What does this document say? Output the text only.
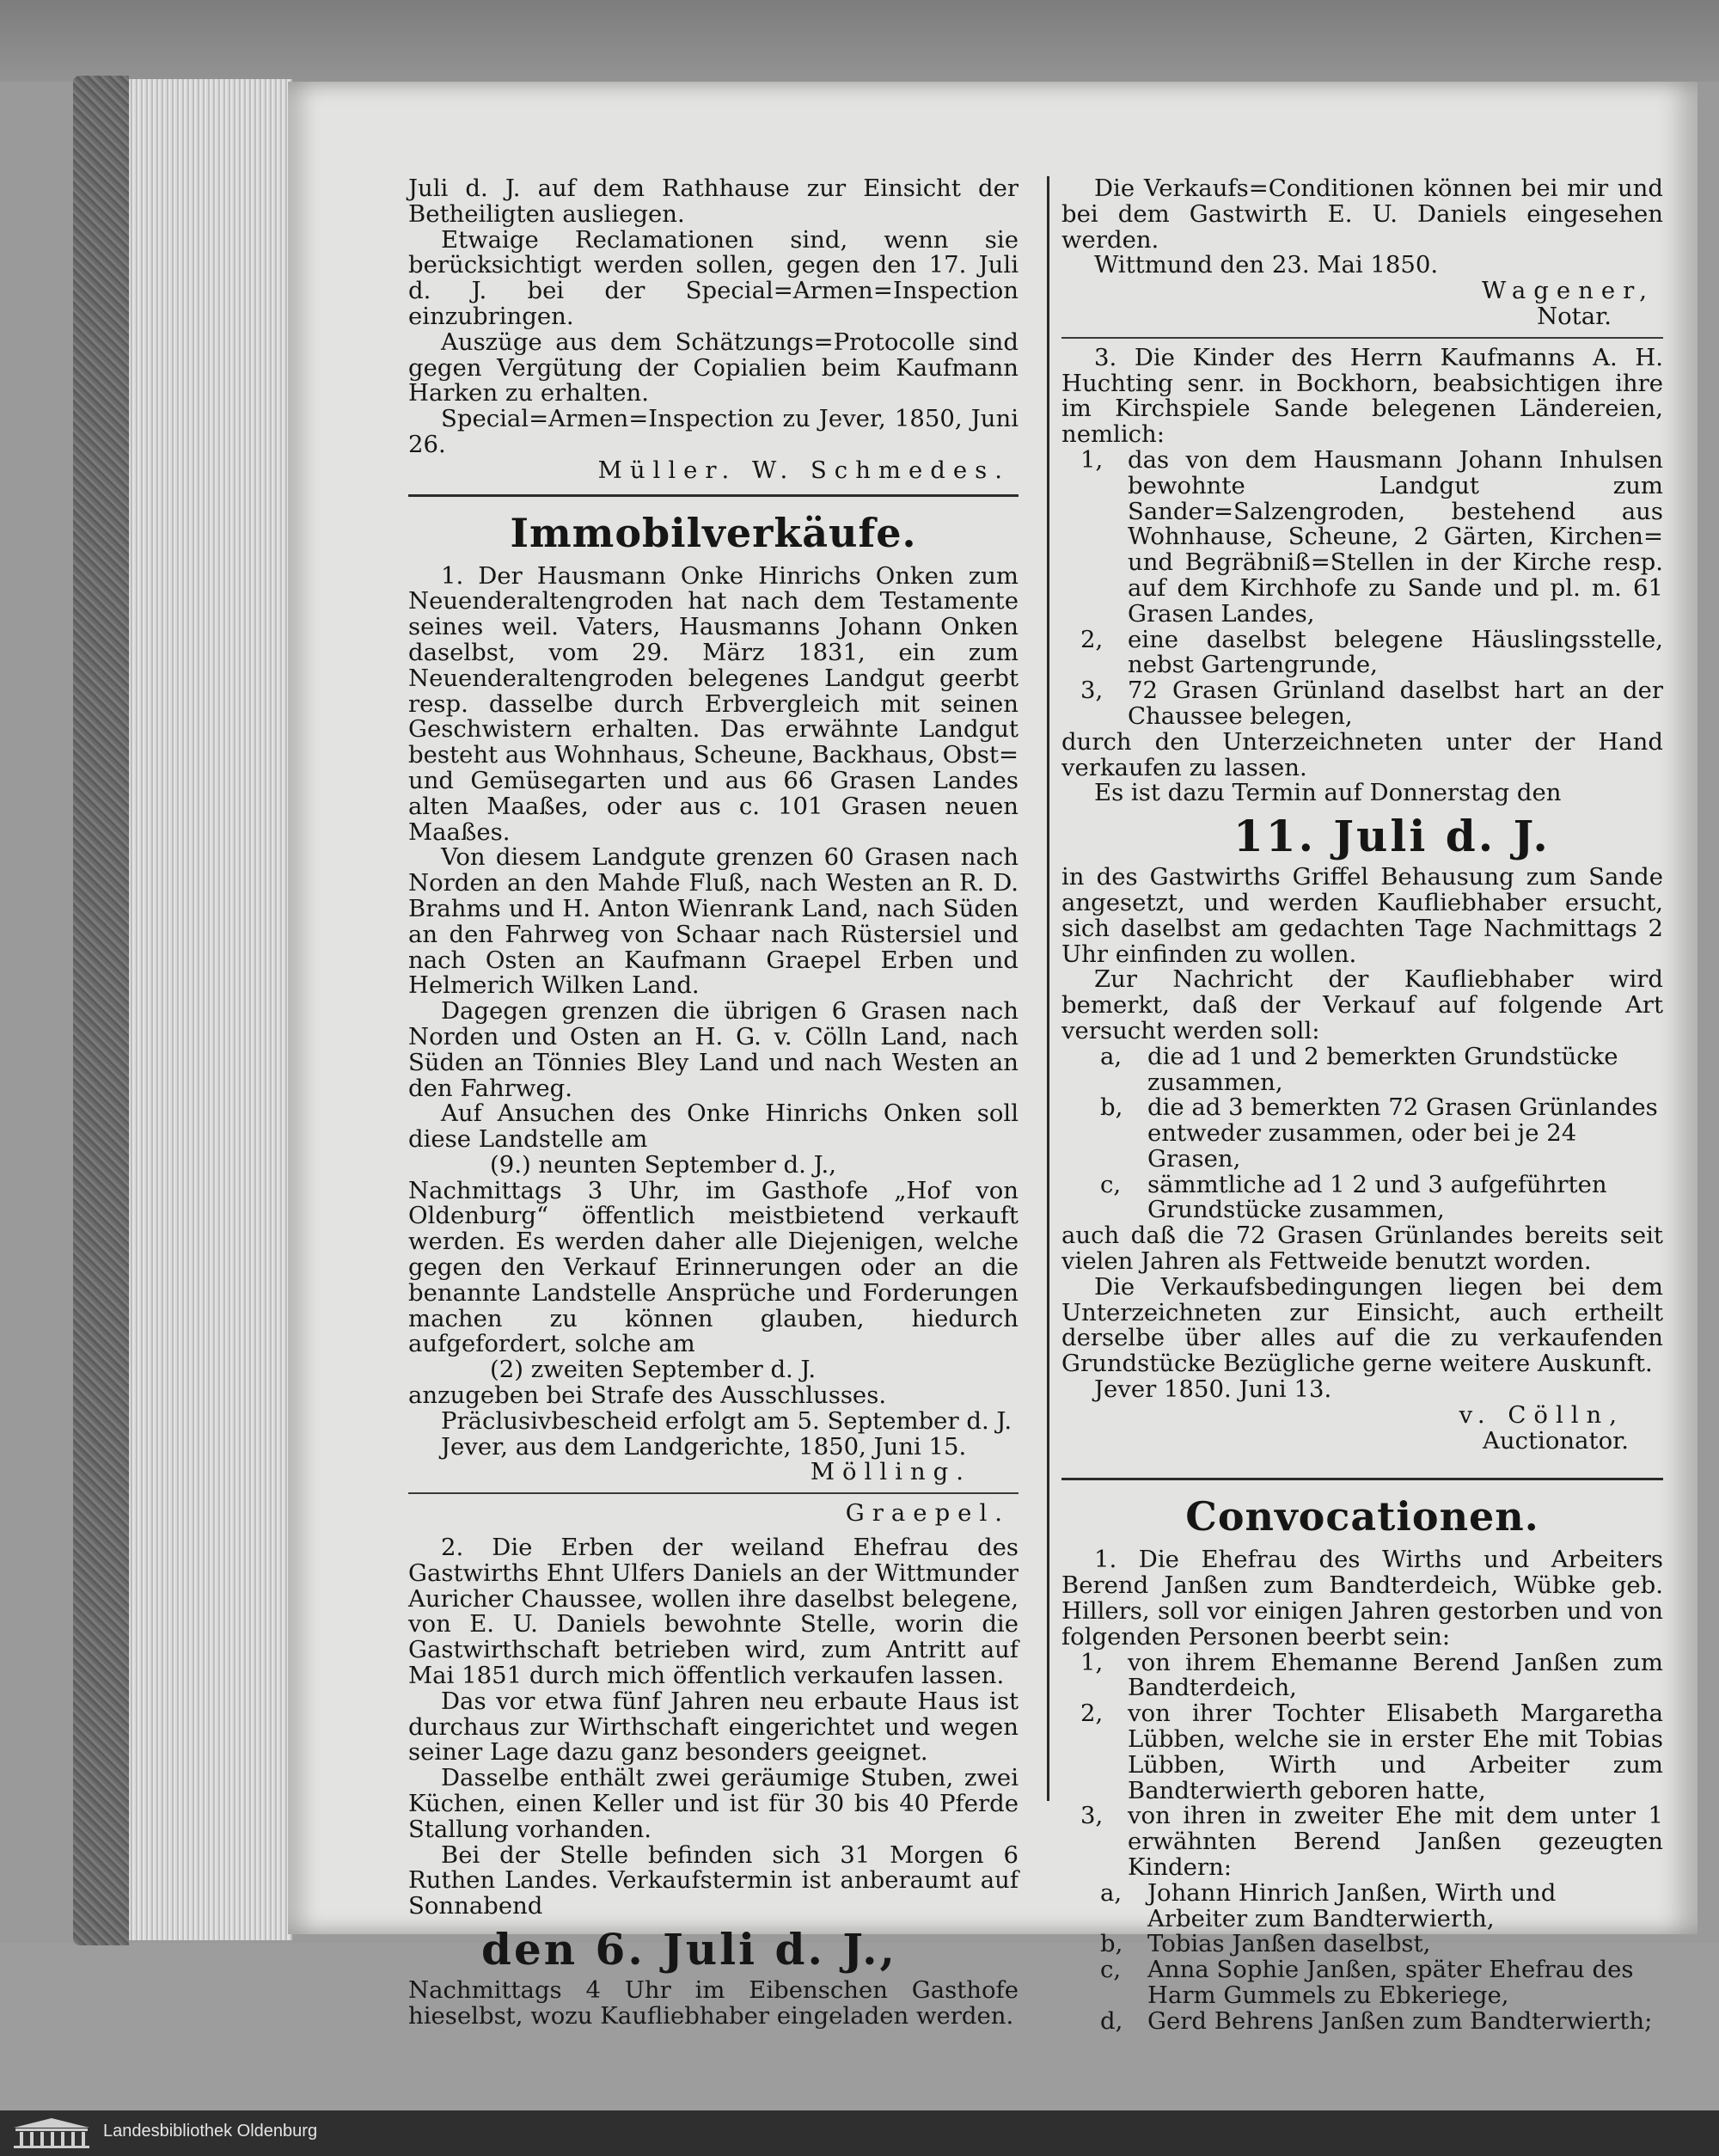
Juli d. J. auf dem Rathhause zur Einsicht der Betheiligten ausliegen.

Etwaige Reclamationen sind, wenn sie berücksichtigt werden sollen, gegen den 17. Juli d. J. bei der Special=Armen=Inspection einzubringen.

Auszüge aus dem Schätzungs=Protocolle sind gegen Vergütung der Copialien beim Kaufmann Harken zu erhalten.

Special=Armen=Inspection zu Jever, 1850, Juni 26.

Müller. W. Schmedes.

Immobilverkäufe.

1. Der Hausmann Onke Hinrichs Onken zum Neuenderaltengroden hat nach dem Testamente seines weil. Vaters, Hausmanns Johann Onken daselbst, vom 29. März 1831, ein zum Neuenderaltengroden belegenes Landgut geerbt resp. dasselbe durch Erbvergleich mit seinen Geschwistern erhalten. Das erwähnte Landgut besteht aus Wohnhaus, Scheune, Backhaus, Obst= und Gemüsegarten und aus 66 Grasen Landes alten Maaßes, oder aus c. 101 Grasen neuen Maaßes.

Von diesem Landgute grenzen 60 Grasen nach Norden an den Mahde Fluß, nach Westen an R. D. Brahms und H. Anton Wienrank Land, nach Süden an den Fahrweg von Schaar nach Rüstersiel und nach Osten an Kaufmann Graepel Erben und Helmerich Wilken Land.

Dagegen grenzen die übrigen 6 Grasen nach Norden und Osten an H. G. v. Cölln Land, nach Süden an Tönnies Bley Land und nach Westen an den Fahrweg.

Auf Ansuchen des Onke Hinrichs Onken soll diese Landstelle am

(9.) neunten September d. J.,

Nachmittags 3 Uhr, im Gasthofe „Hof von Oldenburg“ öffentlich meistbietend verkauft werden. Es werden daher alle Diejenigen, welche gegen den Verkauf Erinnerungen oder an die benannte Landstelle Ansprüche und Forderungen machen zu können glauben, hiedurch aufgefordert, solche am

(2) zweiten September d. J.

anzugeben bei Strafe des Ausschlusses.

Präclusivbescheid erfolgt am 5. September d. J.

Jever, aus dem Landgerichte, 1850, Juni 15.

Mölling.

Graepel.

2. Die Erben der weiland Ehefrau des Gastwirths Ehnt Ulfers Daniels an der Wittmunder Auricher Chaussee, wollen ihre daselbst belegene, von E. U. Daniels bewohnte Stelle, worin die Gastwirthschaft betrieben wird, zum Antritt auf Mai 1851 durch mich öffentlich verkaufen lassen.

Das vor etwa fünf Jahren neu erbaute Haus ist durchaus zur Wirthschaft eingerichtet und wegen seiner Lage dazu ganz besonders geeignet.

Dasselbe enthält zwei geräumige Stuben, zwei Küchen, einen Keller und ist für 30 bis 40 Pferde Stallung vorhanden.

Bei der Stelle befinden sich 31 Morgen 6 Ruthen Landes. Verkaufstermin ist anberaumt auf Sonnabend

den 6. Juli d. J.,

Nachmittags 4 Uhr im Eibenschen Gasthofe hieselbst, wozu Kaufliebhaber eingeladen werden.

Die Verkaufs=Conditionen können bei mir und bei dem Gastwirth E. U. Daniels eingesehen werden.

Wittmund den 23. Mai 1850.

Wagener,

Notar.

3. Die Kinder des Herrn Kaufmanns A. H. Huchting senr. in Bockhorn, beabsichtigen ihre im Kirchspiele Sande belegenen Ländereien, nemlich:

1,	das von dem Hausmann Johann Inhulsen bewohnte Landgut zum Sander=Salzengroden, bestehend aus Wohnhause, Scheune, 2 Gärten, Kirchen= und Begräbniß=Stellen in der Kirche resp. auf dem Kirchhofe zu Sande und pl. m. 61 Grasen Landes,
2,	eine daselbst belegene Häuslingsstelle, nebst Gartengrunde,
3,	72 Grasen Grünland daselbst hart an der Chaussee belegen,

durch den Unterzeichneten unter der Hand verkaufen zu lassen.

Es ist dazu Termin auf Donnerstag den

11. Juli d. J.

in des Gastwirths Griffel Behausung zum Sande angesetzt, und werden Kaufliebhaber ersucht, sich daselbst am gedachten Tage Nachmittags 2 Uhr einfinden zu wollen.

Zur Nachricht der Kaufliebhaber wird bemerkt, daß der Verkauf auf folgende Art versucht werden soll:

a,	die ad 1 und 2 bemerkten Grundstücke zusammen,
b,	die ad 3 bemerkten 72 Grasen Grünlandes entweder zusammen, oder bei je 24 Grasen,
c,	sämmtliche ad 1 2 und 3 aufgeführten Grundstücke zusammen,

auch daß die 72 Grasen Grünlandes bereits seit vielen Jahren als Fettweide benutzt worden.

Die Verkaufsbedingungen liegen bei dem Unterzeichneten zur Einsicht, auch ertheilt derselbe über alles auf die zu verkaufenden Grundstücke Bezügliche gerne weitere Auskunft.

Jever 1850. Juni 13.

v. Cölln,

Auctionator.

Convocationen.

1. Die Ehefrau des Wirths und Arbeiters Berend Janßen zum Bandterdeich, Wübke geb. Hillers, soll vor einigen Jahren gestorben und von folgenden Personen beerbt sein:

1,	von ihrem Ehemanne Berend Janßen zum Bandterdeich,
2,	von ihrer Tochter Elisabeth Margaretha Lübben, welche sie in erster Ehe mit Tobias Lübben, Wirth und Arbeiter zum Bandterwierth geboren hatte,
3,	von ihren in zweiter Ehe mit dem unter 1 erwähnten Berend Janßen gezeugten Kindern:
a,	Johann Hinrich Janßen, Wirth und Arbeiter zum Bandterwierth,
b,	Tobias Janßen daselbst,
c,	Anna Sophie Janßen, später Ehefrau des Harm Gummels zu Ebkeriege,
d,	Gerd Behrens Janßen zum Bandterwierth;
Landesbibliothek Oldenburg
